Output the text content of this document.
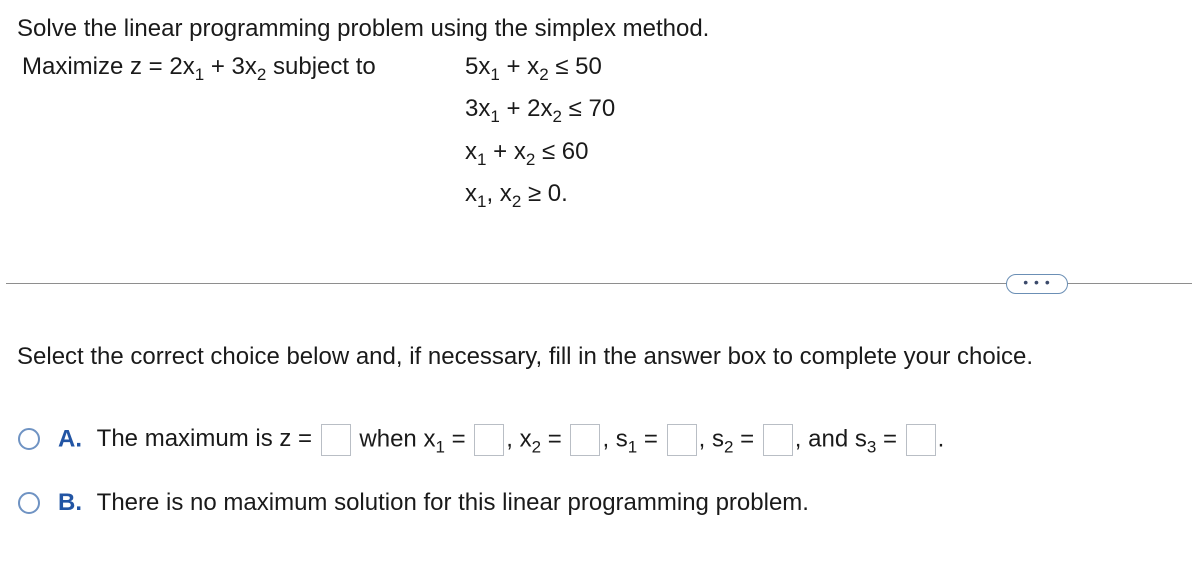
Solve the linear programming problem using the simplex method.
Maximize $z = 2x_1 + 3x_2$ subject to	$5x_1 + x_2 \le 50$
$3x_1 + 2x_2 \le 70$
$x_1 + x_2 \le 60$
$x_1$, $x_2 \ge 0$.
• • •
Select the correct choice below and, if necessary, fill in the answer box to complete your choice.
A. The maximum is z = when $x_1$ = , $x_2$ = , $s_1$ = , $s_2$ = , and $s_3$ = .
B. There is no maximum solution for this linear programming problem.
